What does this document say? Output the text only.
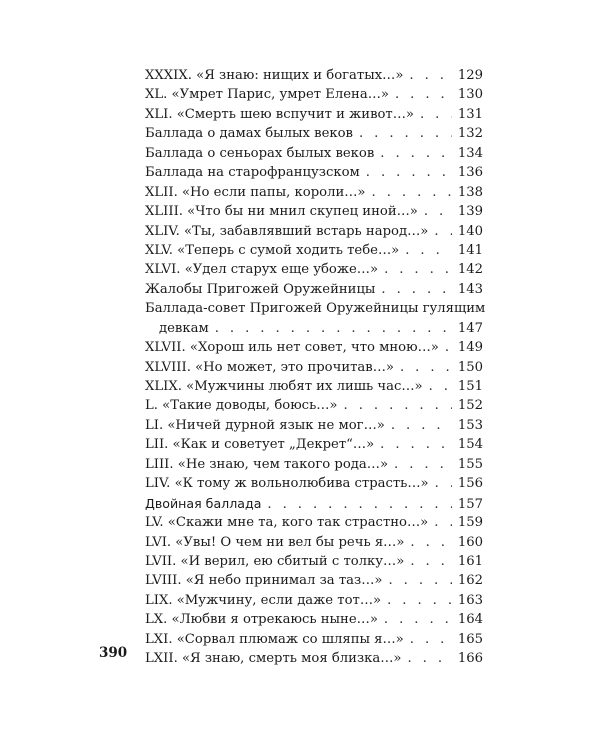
XXXIX. «Я знаю: нищих и богатых…» . . .	129
XL. «Умрет Парис, умрет Елена…» . . .	130
XLI. «Смерть шею вспучит и живот…» . . .	131
Баллада о дамах былых веков . . .	132
Баллада о сеньорах былых веков . . .	134
Баллада на старофранцузском . . .	136
XLII. «Но если папы, короли…» . . .	138
XLIII. «Что бы ни мнил скупец иной…» . . .	139
XLIV. «Ты, забавлявший встарь народ…» . . . 140
XLV. «Теперь с сумой ходить тебе…» . . .	141
XLVI. «Удел старух еще убоже…» . . .	142
Жалобы Пригожей Оружейницы . . .	143
Баллада-совет Пригожей Оружейницы гулящим
девкам . . .	147
XLVII. «Хорош иль нет совет, что мною…» . . . 149
XLVIII. «Но может, это прочитав…» . . .	150
XLIX. «Мужчины любят их лишь час…» . . .	151
L. «Такие доводы, боюсь…» . . .	152
LI. «Ничей дурной язык не мог…» . . .	153
LII. «Как и советует „Декрет“…» . . .	154
LIII. «Не знаю, чем такого рода…» . . .	155
LIV. «К тому ж вольнолюбива страсть…» . . . 156
Двойная баллада . . .	157
LV. «Скажи мне та, кого так страстно…» . . . 159
LVI. «Увы! О чем ни вел бы речь я…» . . .	160
LVII. «И верил, ею сбитый с толку…» . . .	161
LVIII. «Я небо принимал за таз…» . . .	162
LIX. «Мужчину, если даже тот…» . . .	163
LX. «Любви я отрекаюсь ныне…» . . .	164
LXI. «Сорвал плюмаж со шляпы я…» . . .	165
LXII. «Я знаю, смерть моя близка…» . . .	166
390
